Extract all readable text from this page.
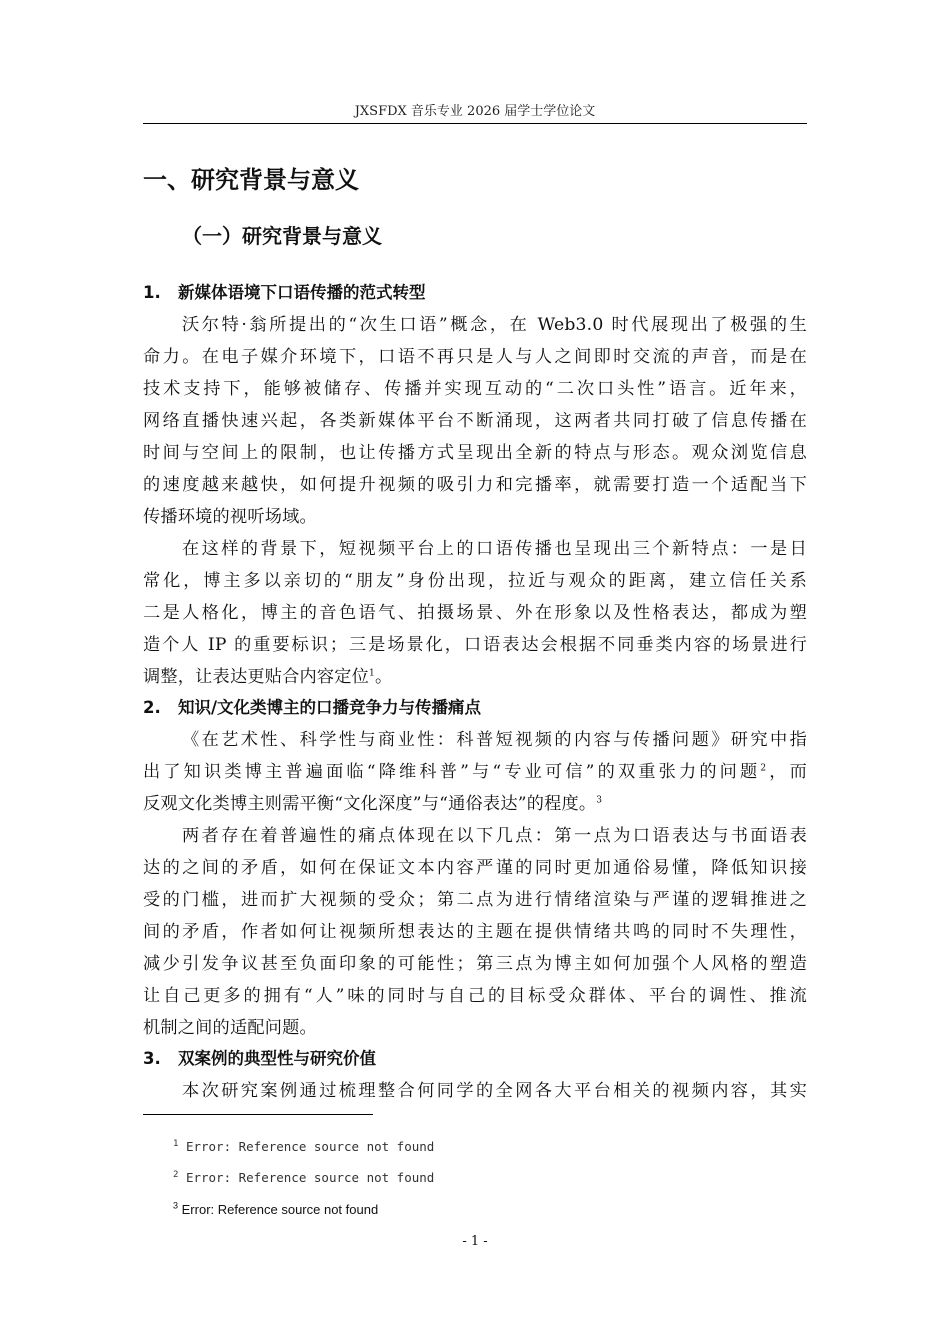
JXSFDX 音乐专业 2026 届学士学位论文
一、研究背景与意义
（一）研究背景与意义
1. 新媒体语境下口语传播的范式转型
沃尔特·翁所提出的“次生口语”概念，在 Web3.0 时代展现出了极强的生
命力。在电子媒介环境下，口语不再只是人与人之间即时交流的声音，而是在
技术支持下，能够被储存、传播并实现互动的“二次口头性”语言。近年来，
网络直播快速兴起，各类新媒体平台不断涌现，这两者共同打破了信息传播在
时间与空间上的限制，也让传播方式呈现出全新的特点与形态。观众浏览信息
的速度越来越快，如何提升视频的吸引力和完播率，就需要打造一个适配当下
传播环境的视听场域。
在这样的背景下，短视频平台上的口语传播也呈现出三个新特点：一是日
常化，博主多以亲切的“朋友”身份出现，拉近与观众的距离，建立信任关系
二是人格化，博主的音色语气、拍摄场景、外在形象以及性格表达，都成为塑
造个人 IP 的重要标识；三是场景化，口语表达会根据不同垂类内容的场景进行
调整，让表达更贴合内容定位$^1$。
2. 知识/文化类博主的口播竞争力与传播痛点
《在艺术性、科学性与商业性：科普短视频的内容与传播问题》研究中指
出了知识类博主普遍面临“降维科普”与“专业可信”的双重张力的问题$^2$，而
反观文化类博主则需平衡“文化深度”与“通俗表达”的程度。$^3$
两者存在着普遍性的痛点体现在以下几点：第一点为口语表达与书面语表
达的之间的矛盾，如何在保证文本内容严谨的同时更加通俗易懂，降低知识接
受的门槛，进而扩大视频的受众；第二点为进行情绪渲染与严谨的逻辑推进之
间的矛盾，作者如何让视频所想表达的主题在提供情绪共鸣的同时不失理性，
减少引发争议甚至负面印象的可能性；第三点为博主如何加强个人风格的塑造
让自己更多的拥有“人”味的同时与自己的目标受众群体、平台的调性、推流
机制之间的适配问题。
3. 双案例的典型性与研究价值
本次研究案例通过梳理整合何同学的全网各大平台相关的视频内容，其实
$^1$ Error: Reference source not found
$^2$ Error: Reference source not found
$^3$ Error: Reference source not found
- 1 -
